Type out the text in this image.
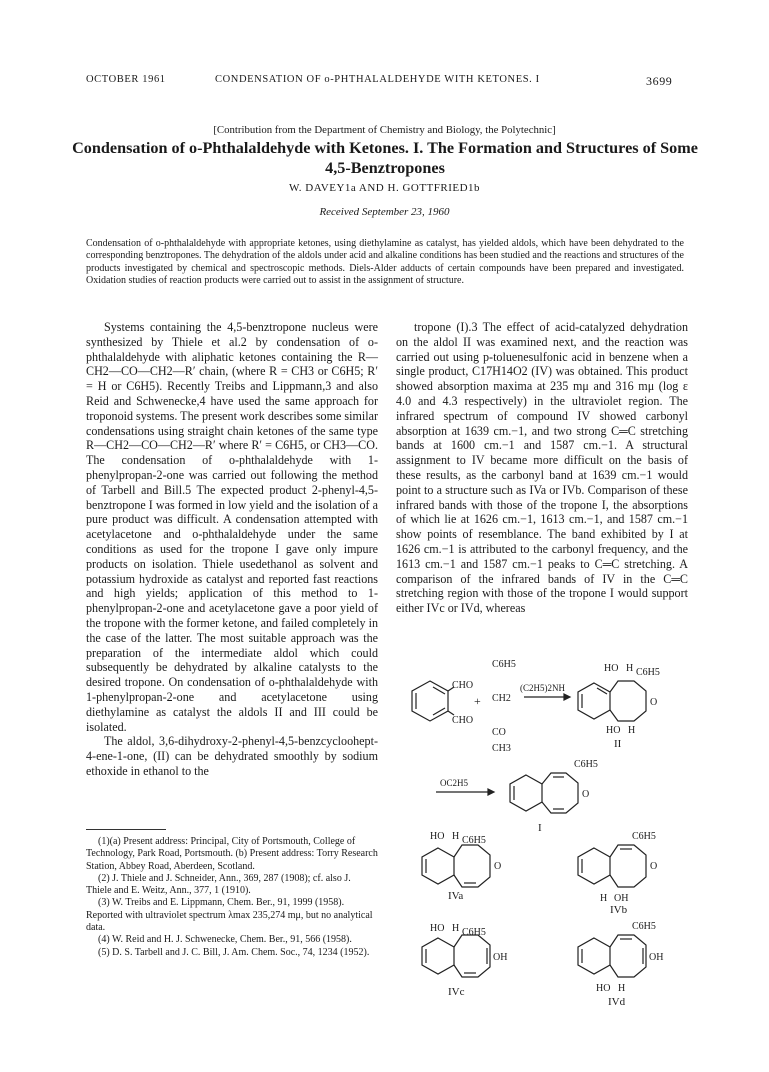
OCTOBER 1961	CONDENSATION OF o-PHTHALALDEHYDE WITH KETONES. I	3699
[Contribution from the Department of Chemistry and Biology, the Polytechnic]
Condensation of o-Phthalaldehyde with Ketones. I. The Formation and Structures of Some 4,5-Benztropones
W. DAVEY1a AND H. GOTTFRIED1b
Received September 23, 1960
Condensation of o-phthalaldehyde with appropriate ketones, using diethylamine as catalyst, has yielded aldols, which have been dehydrated to the corresponding benztropones. The dehydration of the aldols under acid and alkaline conditions has been studied and the reactions and structures of the products investigated by chemical and spectroscopic methods. Diels-Alder adducts of certain compounds have been prepared and investigated. Oxidation studies of reaction products were carried out to assist in the assignment of structure.

Systems containing the 4,5-benztropone nucleus were synthesized by Thiele et al.2 by condensation of o-phthalaldehyde with aliphatic ketones containing the R—CH2—CO—CH2—R′ chain, (where R = CH3 or C6H5; R′ = H or C6H5). Recently Treibs and Lippmann,3 and also Reid and Schwenecke,4 have used the same approach for troponoid systems. The present work describes some similar condensations using straight chain ketones of the same type R—CH2—CO—CH2—R′ where R′ = C6H5, or CH3—CO. The condensation of o-phthalaldehyde with 1-phenylpropan-2-one was carried out following the method of Tarbell and Bill.5 The expected product 2-phenyl-4,5-benztropone I was formed in low yield and the isolation of a pure product was difficult. A condensation attempted with acetylacetone and o-phthalaldehyde under the same conditions as used for the tropone I gave only impure products on isolation. Thiele usedethanol as solvent and potassium hydroxide as catalyst and reported fast reactions and high yields; application of this method to 1-phenylpropan-2-one and acetylacetone gave a poor yield of the tropone with the former ketone, and failed completely in the case of the latter. The most suitable approach was the preparation of the intermediate aldol which could subsequently be dehydrated by alkaline catalysts to the desired tropone. On condensation of o-phthalaldehyde with 1-phenylpropan-2-one and acetylacetone using diethylamine as catalyst the aldols II and III could be isolated.

The aldol, 3,6-dihydroxy-2-phenyl-4,5-benzcycloohept-4-ene-1-one, (II) can be dehydrated smoothly by sodium ethoxide in ethanol to the

tropone (I).3 The effect of acid-catalyzed dehydration on the aldol II was examined next, and the reaction was carried out using p-toluenesulfonic acid in benzene when a single product, C17H14O2 (IV) was obtained. This product showed absorption maxima at 235 mμ and 316 mμ (log ε 4.0 and 4.3 respectively) in the ultraviolet region. The infrared spectrum of compound IV showed carbonyl absorption at 1639 cm.−1, and two strong C═C stretching bands at 1600 cm.−1 and 1587 cm.−1. A structural assignment to IV became more difficult on the basis of these results, as the carbonyl band at 1639 cm.−1 would point to a structure such as IVa or IVb. Comparison of these infrared bands with those of the tropone I, the absorptions of which lie at 1626 cm.−1, 1613 cm.−1, and 1587 cm.−1 show points of resemblance. The band exhibited by I at 1626 cm.−1 is attributed to the carbonyl frequency, and the 1613 cm.−1 and 1587 cm.−1 peaks to C═C stretching. A comparison of the infrared bands of IV in the C═C stretching region with those of the tropone I would support either IVc or IVd, whereas

(1)(a) Present address: Principal, City of Portsmouth, College of Technology, Park Road, Portsmouth. (b) Present address: Torry Research Station, Abbey Road, Aberdeen, Scotland.

(2) J. Thiele and J. Schneider, Ann., 369, 287 (1908); cf. also J. Thiele and E. Weitz, Ann., 377, 1 (1910).

(3) W. Treibs and E. Lippmann, Chem. Ber., 91, 1999 (1958). Reported with ultraviolet spectrum λmax 235,274 mμ, but no analytical data.

(4) W. Reid and H. J. Schwenecke, Chem. Ber., 91, 566 (1958).

(5) D. S. Tarbell and J. C. Bill, J. Am. Chem. Soc., 74, 1234 (1952).

CHO
CHO
+
C6H5
CH2
CO
CH3
(C2H5)2NH
OC2H5
HO H C6H5
O
HO H
II
C6H5
O
I
HO H C6H5
O
IVa
C6H5
O
H OH
IVb
HO H C6H5
OH
IVc
C6H5
OH
HO H
IVd
